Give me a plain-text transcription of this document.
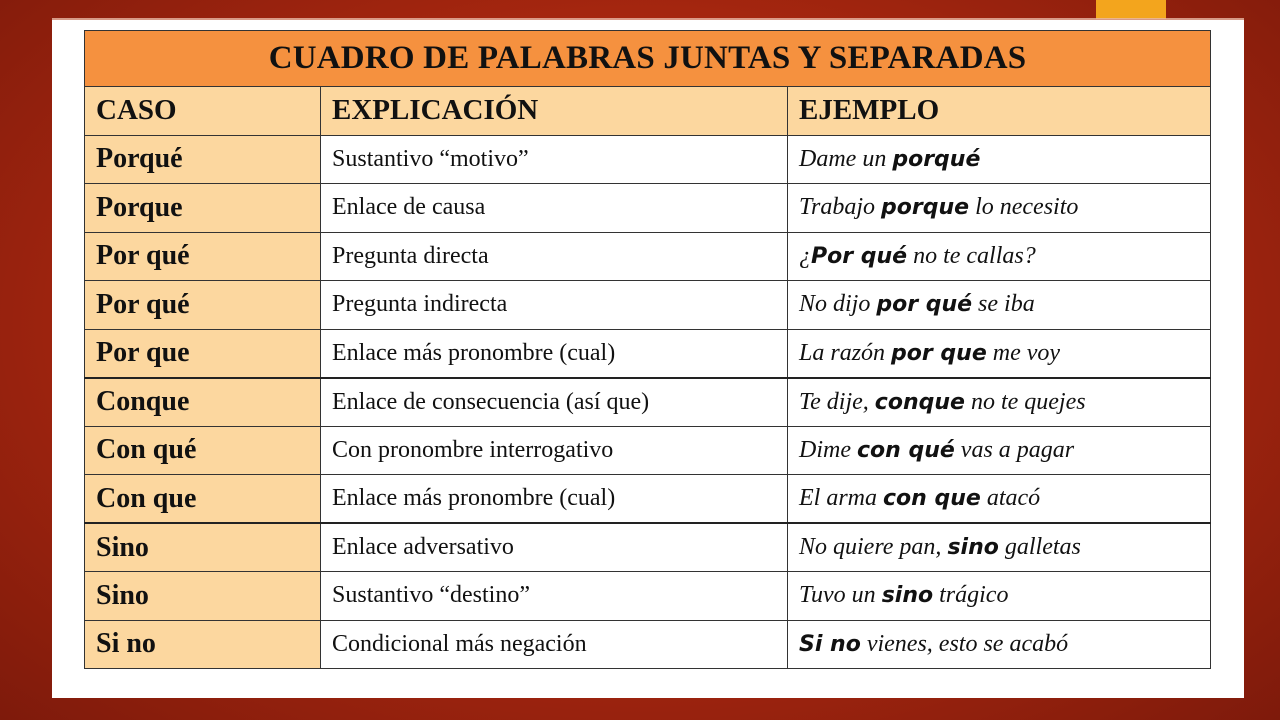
CUADRO DE PALABRAS JUNTAS Y SEPARADAS		
CASO	EXPLICACIÓN	EJEMPLO
Porqué	Sustantivo “motivo”	Dame un porqué
Porque	Enlace de causa	Trabajo porque lo necesito
Por qué	Pregunta directa	¿Por qué no te callas?
Por qué	Pregunta indirecta	No dijo por qué se iba
Por que	Enlace más pronombre (cual)	La razón por que me voy
Conque	Enlace de consecuencia (así que)	Te dije, conque no te quejes
Con qué	Con pronombre interrogativo	Dime con qué vas a pagar
Con que	Enlace más pronombre (cual)	El arma con que atacó
Sino	Enlace adversativo	No quiere pan, sino galletas
Sino	Sustantivo “destino”	Tuvo un sino trágico
Si no	Condicional más negación	Si no vienes, esto se acabó
